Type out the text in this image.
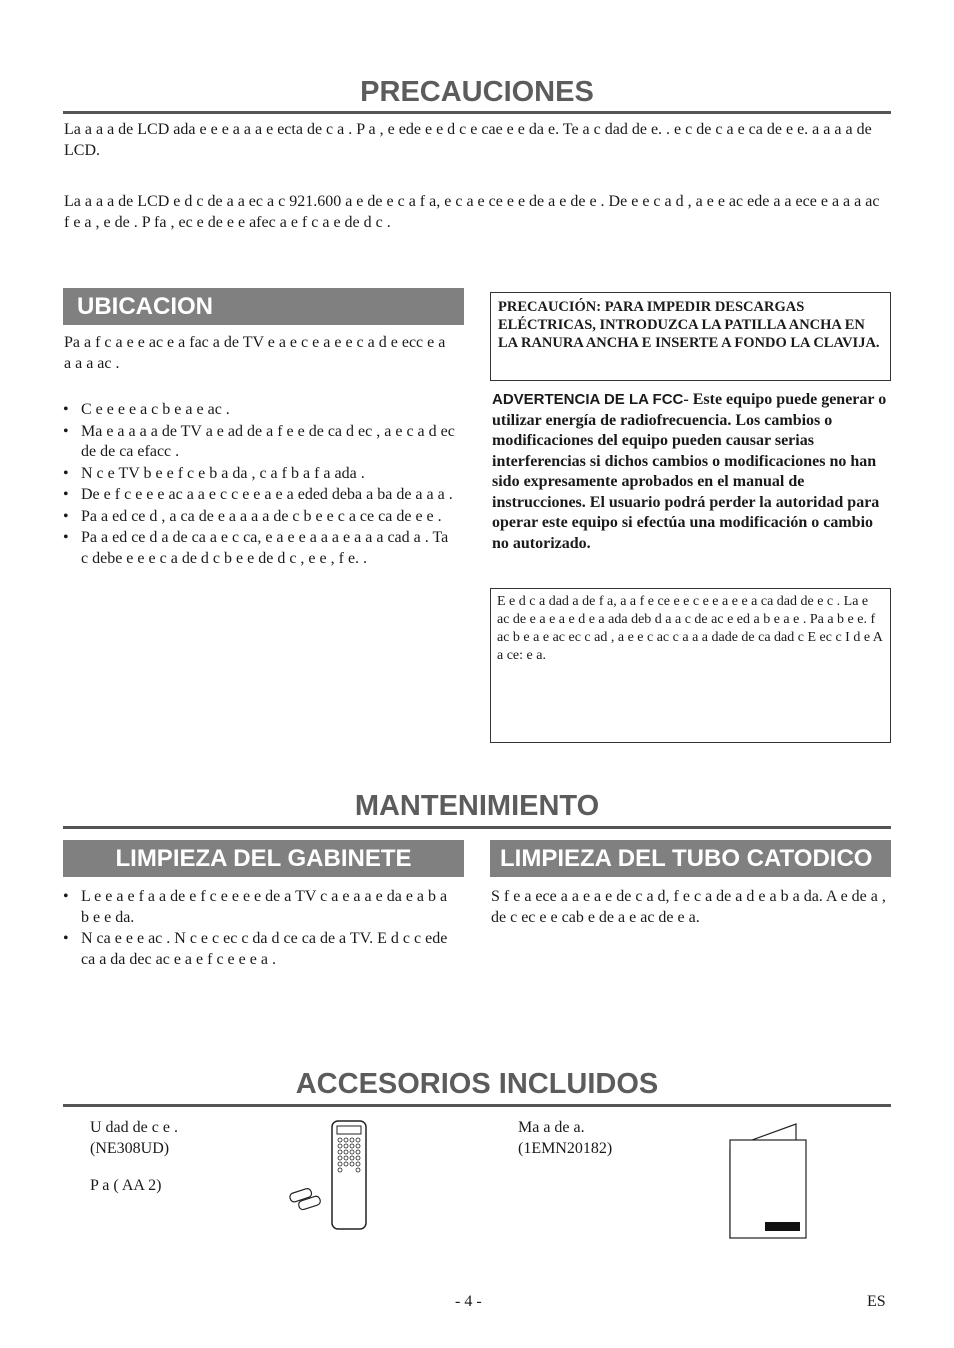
PRECAUCIONES

La a a a de LCD ada e e e a a a e ecta de c a . P a , e ede e e d c e cae e e da e. Te a c dad de e. . e c de c a e ca de e e. a a a a de LCD.

La a a a de LCD e d c de a a ec a c 921.600 a e de e c a f a, e c a e ce e e de a e de e . De e e c a d , a e e ac ede a a ece e a a a ac f e a , e de . P fa , ec e de e e afec a e f c a e de d c .

UBICACION

Pa a f c a e e ac e a fac a de TV e a e c e a e e c a d e ecc e a a a a ac .

• C e e e e a c b e a e ac .
• Ma e a a a a de TV a e ad de a f e e de ca d ec , a e c a d ec de de ca efacc .
• N c e TV b e e f c e b a da , c a f b a f a ada .
• De e f c e e e ac a a e c c e e a e a eded deba a ba de a a a .
• Pa a ed ce d , a ca de e a a a a de c b e e c a ce ca de e e .
• Pa a ed ce d a de ca a e c ca, e a e e a a a e a a a cad a . Ta c debe e e e c a de d c b e e de d c , e e , f e. .
PRECAUCIÓN: PARA IMPEDIR DESCARGAS ELÉCTRICAS, INTRODUZCA LA PATILLA ANCHA EN LA RANURA ANCHA E INSERTE A FONDO LA CLAVIJA.
ADVERTENCIA DE LA FCC- Este equipo puede generar o utilizar energía de radiofrecuencia. Los cambios o modificaciones del equipo pueden causar serias interferencias si dichos cambios o modificaciones no han sido expresamente aprobados en el manual de instrucciones. El usuario podrá perder la autoridad para operar este equipo si efectúa una modificación o cambio no autorizado.
E e d c a dad a de f a, a a f e ce e e c e e a e e a ca dad de e c . La e ac de e a e a e d e a ada deb d a a c de ac e ed a b e a e . Pa a b e e. f ac b e a e ac ec c ad , a e e c ac c a a a dade de ca dad c E ec c I d e A a ce: e a.
MANTENIMIENTO
LIMPIEZA DEL GABINETE	LIMPIEZA DEL TUBO CATODICO
• L e e a e f a a de e f c e e e e de a TV c a e a a e da e a b a b e e da.
• N ca e e e ac . N c e c ec c da d ce ca de a TV. E d c c ede ca a da dec ac e a e f c e e e a .

S f e a ece a a e a e de c a d, f e c a de a d e a b a da. A e de a , de c ec e e cab e de a e ac de e a.

ACCESORIOS INCLUIDOS
U dad de c e .
(NE308UD)
P a ( AA 2)
Ma a de a.
(1EMN20182)
- 4 -	ES
